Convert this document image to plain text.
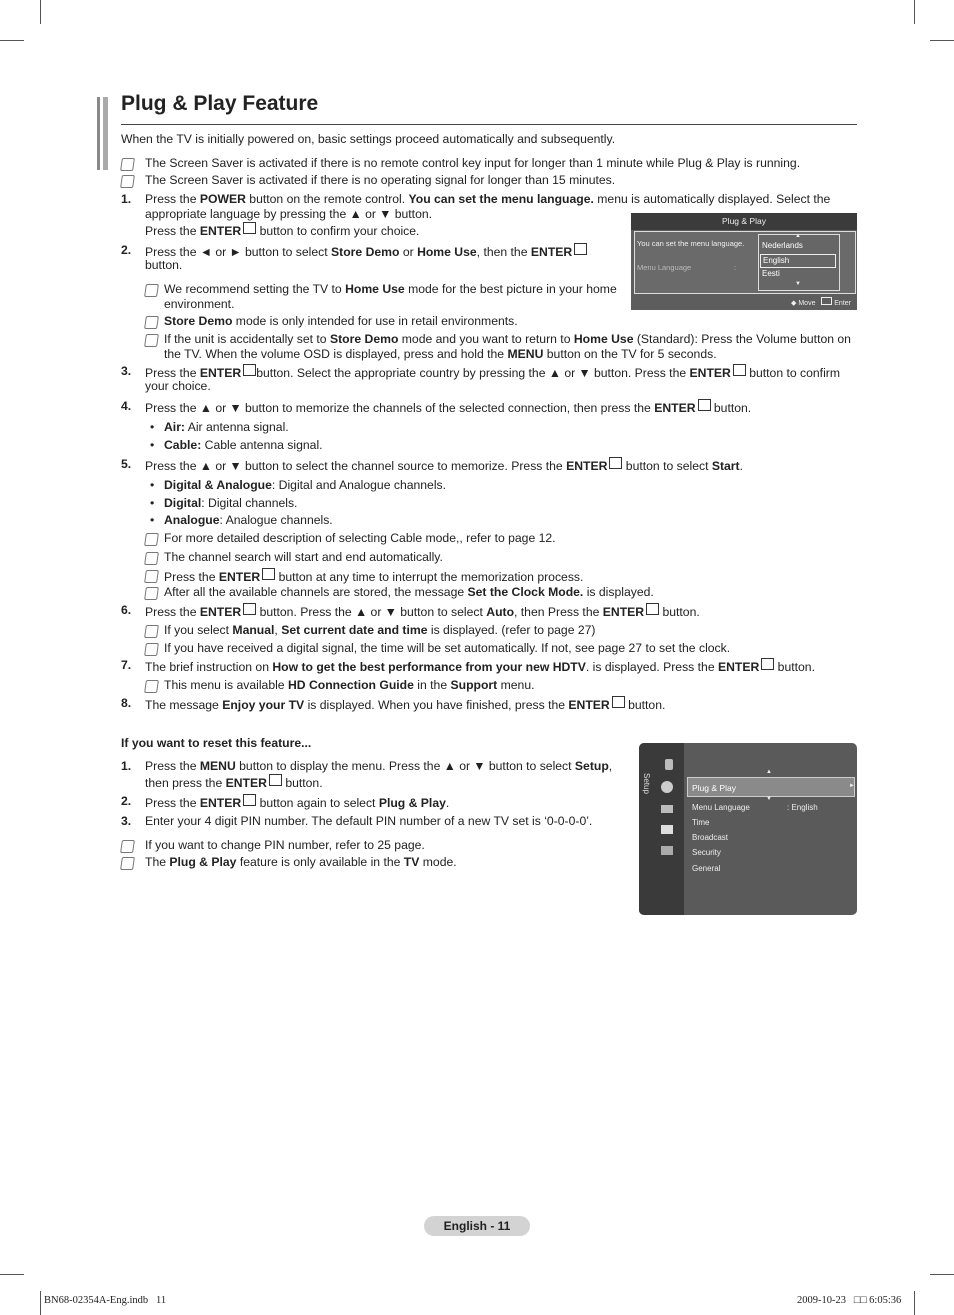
Plug & Play Feature
When the TV is initially powered on, basic settings proceed automatically and subsequently.
The Screen Saver is activated if there is no remote control key input for longer than 1 minute while Plug & Play is running.
The Screen Saver is activated if there is no operating signal for longer than 15 minutes.
1.	Press the POWER button on the remote control. You can set the menu language. menu is automatically displayed. Select the
appropriate language by pressing the ▲ or ▼ button.
Press the ENTER button to confirm your choice.
2.	Press the ◄ or ► button to select Store Demo or Home Use, then the ENTER
button.
We recommend setting the TV to Home Use mode for the best picture in your home
environment.
Store Demo mode is only intended for use in retail environments.
If the unit is accidentally set to Store Demo mode and you want to return to Home Use (Standard): Press the Volume button on
the TV. When the volume OSD is displayed, press and hold the MENU button on the TV for 5 seconds.
3.	Press the ENTER button. Select the appropriate country by pressing the ▲ or ▼ button. Press the ENTER button to confirm
your choice.
4.	Press the ▲ or ▼ button to memorize the channels of the selected connection, then press the ENTER button.
• Air: Air antenna signal.
• Cable: Cable antenna signal.
5.	Press the ▲ or ▼ button to select the channel source to memorize. Press the ENTER button to select Start.
• Digital & Analogue: Digital and Analogue channels.
• Digital: Digital channels.
• Analogue: Analogue channels.
For more detailed description of selecting Cable mode,, refer to page 12.
The channel search will start and end automatically.
Press the ENTER button at any time to interrupt the memorization process.
After all the available channels are stored, the message Set the Clock Mode. is displayed.
6.	Press the ENTER button. Press the ▲ or ▼ button to select Auto, then Press the ENTER button.
If you select Manual, Set current date and time is displayed. (refer to page 27)
If you have received a digital signal, the time will be set automatically. If not, see page 27 to set the clock.
7.	The brief instruction on How to get the best performance from your new HDTV. is displayed. Press the ENTER button.
This menu is available HD Connection Guide in the Support menu.
8.	The message Enjoy your TV is displayed. When you have finished, press the ENTER button.
If you want to reset this feature...
1.	Press the MENU button to display the menu. Press the ▲ or ▼ button to select Setup,
then press the ENTER button.
2.	Press the ENTER button again to select Plug & Play.
3.	Enter your 4 digit PIN number. The default PIN number of a new TV set is ‘0-0-0-0’.
If you want to change PIN number, refer to 25 page.
The Plug & Play feature is only available in the TV mode.
Plug & Play
You can set the menu language.
Menu Language	:
▲
Nederlands
English
Eesti
▼
◆ Move	Enter
Setup
▲
Plug & Play	►
▼
Menu Language	: English
Time
Broadcast
Security
General
English - 11
BN68-02354A-Eng.indb   11	2009-10-23   □□ 6:05:36
